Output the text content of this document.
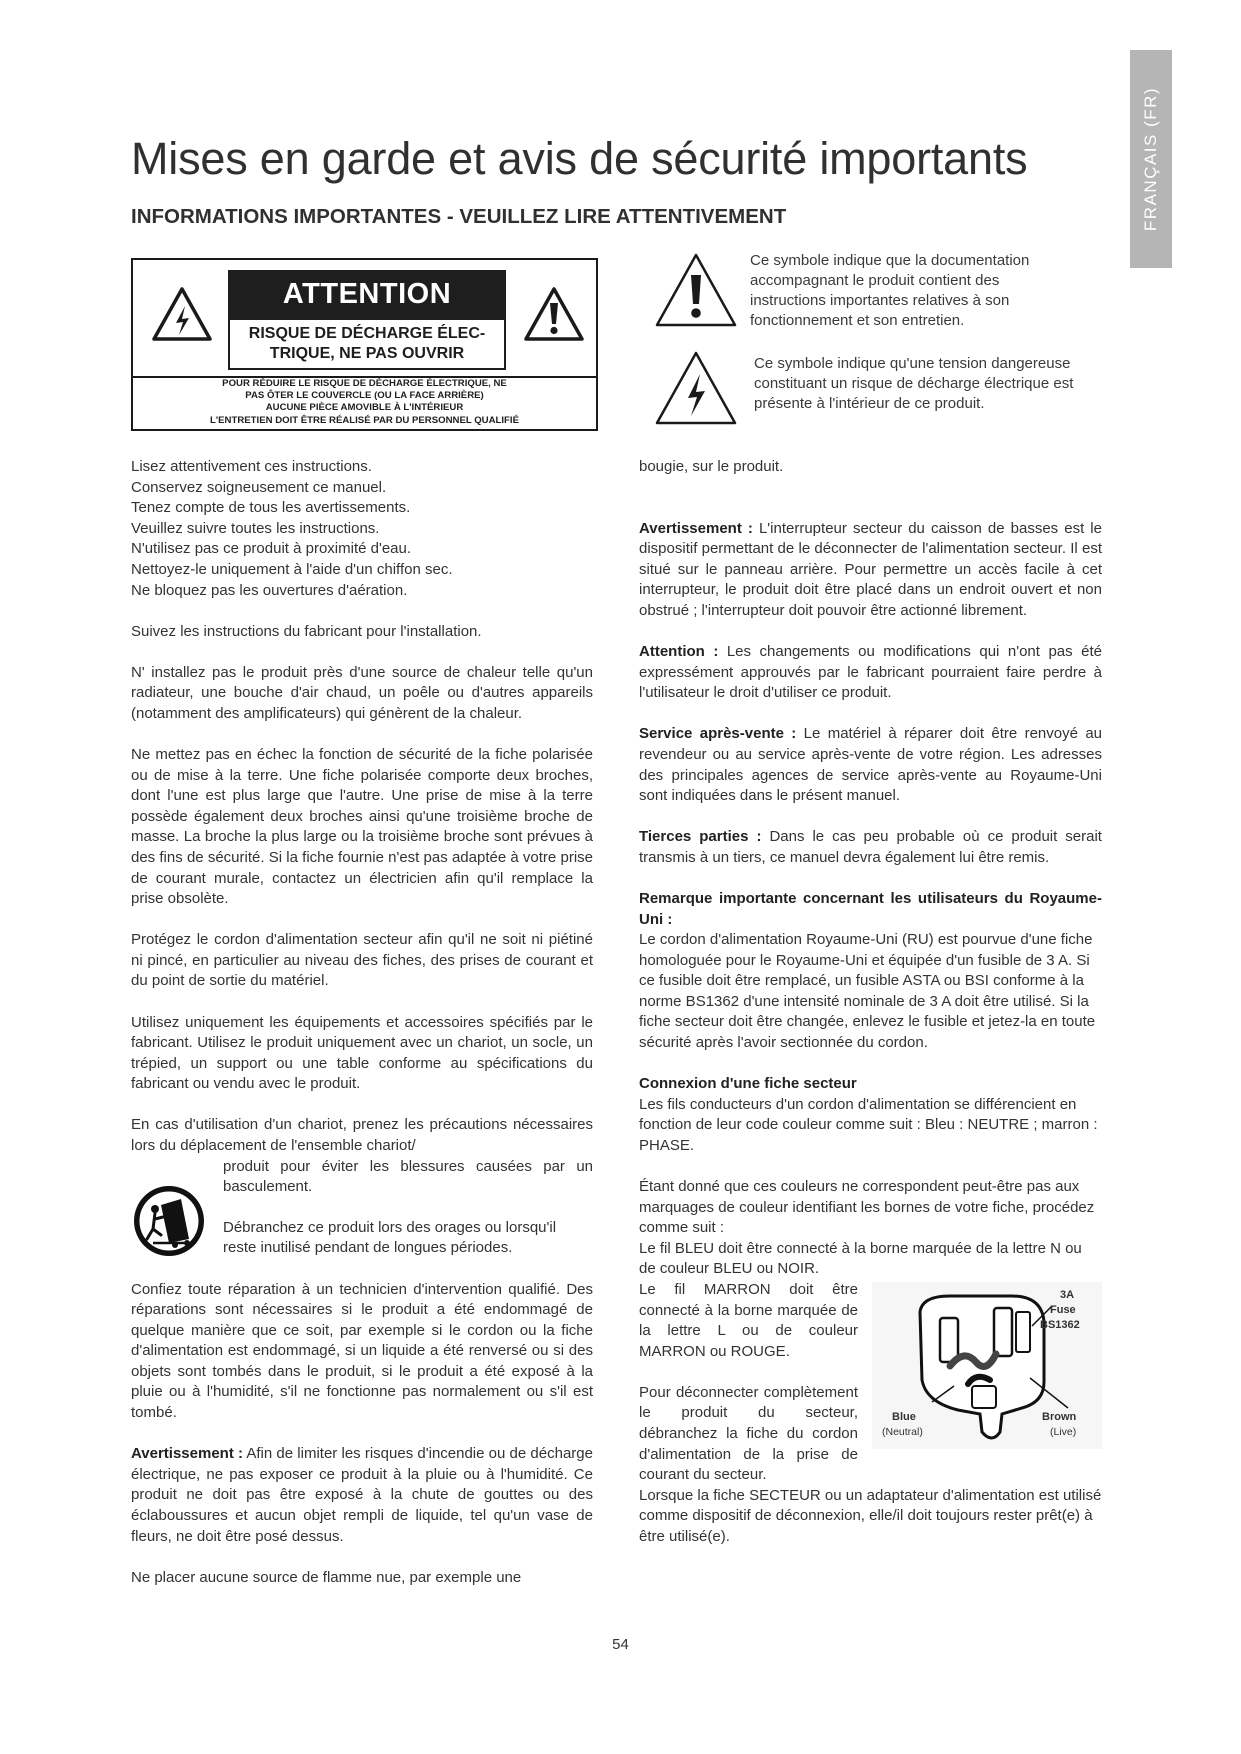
FRANÇAIS (FR)
Mises en garde et avis de sécurité importants
INFORMATIONS IMPORTANTES - VEUILLEZ LIRE ATTENTIVEMENT
ATTENTION
RISQUE DE DÉCHARGE ÉLEC- TRIQUE, NE PAS OUVRIR
POUR RÉDUIRE LE RISQUE DE DÉCHARGE ÉLECTRIQUE, NE
PAS ÔTER LE COUVERCLE (OU LA FACE ARRIÈRE)
AUCUNE PIÈCE AMOVIBLE À L'INTÉRIEUR
L'ENTRETIEN DOIT ÊTRE RÉALISÉ PAR DU PERSONNEL QUALIFIÉ
Ce symbole indique que la documentation accompagnant le produit contient des instructions importantes relatives à son fonctionnement et son entretien.
Ce symbole indique qu'une tension dangereuse constituant un risque de décharge électrique est présente à l'intérieur de ce produit.

Lisez attentivement ces instructions.
Conservez soigneusement ce manuel.
Tenez compte de tous les avertissements.
Veuillez suivre toutes les instructions.
N'utilisez pas ce produit à proximité d'eau.
Nettoyez-le uniquement à l'aide d'un chiffon sec.
Ne bloquez pas les ouvertures d'aération.

Suivez les instructions du fabricant pour l'installation.

N' installez pas le produit près d'une source de chaleur telle qu'un radiateur, une bouche d'air chaud, un poêle ou d'autres appareils (notamment des amplificateurs) qui génèrent de la chaleur.

Ne mettez pas en échec la fonction de sécurité de la fiche polarisée ou de mise à la terre. Une fiche polarisée comporte deux broches, dont l'une est plus large que l'autre. Une prise de mise à la terre possède également deux broches ainsi qu'une troisième broche de masse. La broche la plus large ou la troisième broche sont prévues à des fins de sécurité. Si la fiche fournie n'est pas adaptée à votre prise de courant murale, contactez un électricien afin qu'il remplace la prise obsolète.

Protégez le cordon d'alimentation secteur afin qu'il ne soit ni piétiné ni pincé, en particulier au niveau des fiches, des prises de courant et du point de sortie du matériel.

Utilisez uniquement les équipements et accessoires spécifiés par le fabricant. Utilisez le produit uniquement avec un chariot, un socle, un trépied, un support ou une table conforme au spécifications du fabricant ou vendu avec le produit.

En cas d'utilisation d'un chariot, prenez les précautions nécessaires lors du déplacement de l'ensemble chariot/

produit pour éviter les blessures causées par un basculement.

Débranchez ce produit lors des orages ou lorsqu'il reste inutilisé pendant de longues périodes.

Confiez toute réparation à un technicien d'intervention qualifié. Des réparations sont nécessaires si le produit a été endommagé de quelque manière que ce soit, par exemple si le cordon ou la fiche d'alimentation est endommagé, si un liquide a été renversé ou si des objets sont tombés dans le produit, si le produit a été exposé à la pluie ou à l'humidité, s'il ne fonctionne pas normalement ou s'il est tombé.

Avertissement : Afin de limiter les risques d'incendie ou de décharge électrique, ne pas exposer ce produit à la pluie ou à l'humidité. Ce produit ne doit pas être exposé à la chute de gouttes ou des éclaboussures et aucun objet rempli de liquide, tel qu'un vase de fleurs, ne doit être posé dessus.

Ne placer aucune source de flamme nue, par exemple une

bougie, sur le produit.

Avertissement : L'interrupteur secteur du caisson de basses est le dispositif permettant de le déconnecter de l'alimentation secteur. Il est situé sur le panneau arrière. Pour permettre un accès facile à cet interrupteur, le produit doit être placé dans un endroit ouvert et non obstrué ; l'interrupteur doit pouvoir être actionné librement.

Attention : Les changements ou modifications qui n'ont pas été expressément approuvés par le fabricant pourraient faire perdre à l'utilisateur le droit d'utiliser ce produit.

Service après-vente : Le matériel à réparer doit être renvoyé au revendeur ou au service après-vente de votre région. Les adresses des principales agences de service après-vente au Royaume-Uni sont indiquées dans le présent manuel.

Tierces parties : Dans le cas peu probable où ce produit serait transmis à un tiers, ce manuel devra également lui être remis.

Remarque importante concernant les utilisateurs du Royaume-Uni :

Le cordon d'alimentation Royaume-Uni (RU) est pourvue d'une fiche homologuée pour le Royaume-Uni et équipée d'un fusible de 3 A. Si ce fusible doit être remplacé, un fusible ASTA ou BSI conforme à la norme BS1362 d'une intensité nominale de 3 A doit être utilisé. Si la fiche secteur doit être changée, enlevez le fusible et jetez-la en toute sécurité après l'avoir sectionnée du cordon.

Connexion d'une fiche secteur

Les fils conducteurs d'un cordon d'alimentation se différencient en fonction de leur code couleur comme suit : Bleu : NEUTRE ; marron : PHASE.

Étant donné que ces couleurs ne correspondent peut-être pas aux marquages de couleur identifiant les bornes de votre fiche, procédez comme suit :

Le fil BLEU doit être connecté à la borne marquée de la lettre N ou de couleur BLEU ou NOIR.

3A
Fuse
BS1362
Blue
(Neutral)
Brown
(Live)

Le fil MARRON doit être connecté à la borne marquée de la lettre L ou de couleur MARRON ou ROUGE.

Pour déconnecter complètement le produit du secteur, débranchez la fiche du cordon d'alimentation de la prise de courant du secteur.

Lorsque la fiche SECTEUR ou un adaptateur d'alimentation est utilisé comme dispositif de déconnexion, elle/il doit toujours rester prêt(e) à être utilisé(e).

54
